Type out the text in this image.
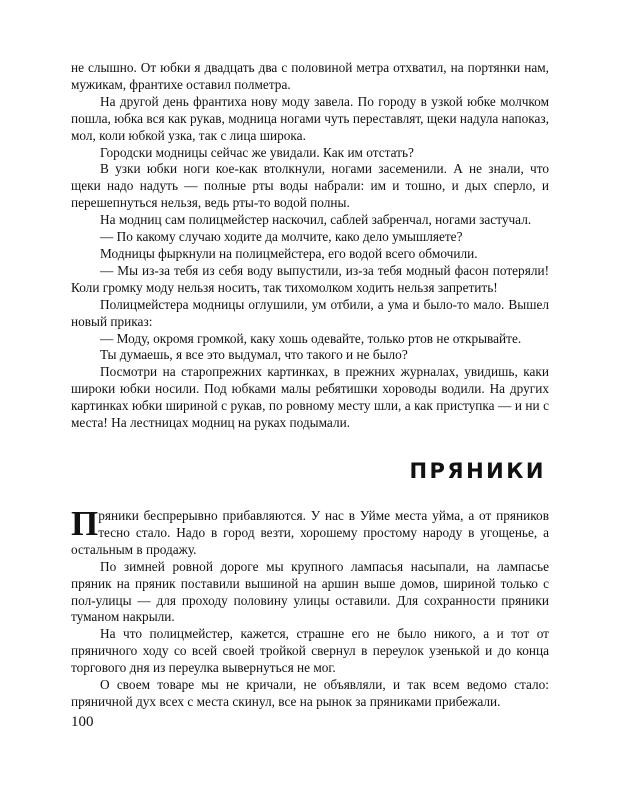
не слышно. От юбки я двадцать два с половиной метра отхватил, на портянки нам, мужикам, франтихе оставил полметра.

На другой день франтиха нову моду завела. По городу в узкой юбке молчком пошла, юбка вся как рукав, модница ногами чуть переставлят, щеки надула напоказ, мол, коли юбкой узка, так с лица широка.

Городски модницы сейчас же увидали. Как им отстать?

В узки юбки ноги кое-как втолкнули, ногами засеменили. А не знали, что щеки надо надуть — полные рты воды набрали: им и тошно, и дых сперло, и перешепнуться нельзя, ведь рты-то водой полны.

На модниц сам полицмейстер наскочил, саблей забренчал, ногами застучал.

— По какому случаю ходите да молчите, како дело умышляете?

Модницы фыркнули на полицмейстера, его водой всего обмочили.

— Мы из-за тебя из себя воду выпустили, из-за тебя модный фасон потеряли! Коли громку моду нельзя носить, так тихомолком ходить нельзя запретить!

Полицмейстера модницы оглушили, ум отбили, а ума и было-то мало. Вышел новый приказ:

— Моду, окромя громкой, каку хошь одевайте, только ртов не открывайте.

Ты думаешь, я все это выдумал, что такого и не было?

Посмотри на старопрежних картинках, в прежних журналах, увидишь, каки широки юбки носили. Под юбками малы ребятишки хороводы водили. На других картинках юбки шириной с рукав, по ровному месту шли, а как приступка — и ни с места! На лестницах модниц на руках подымали.

ПРЯНИКИ

Пряники беспрерывно прибавляются. У нас в Уйме места уйма, а от пряников тесно стало. Надо в город везти, хорошему простому народу в угощенье, а остальным в продажу.

По зимней ровной дороге мы крупного лампасья насыпали, на лампасье пряник на пряник поставили вышиной на аршин выше домов, шириной только с пол-улицы — для проходу половину улицы оставили. Для сохранности пряники туманом накрыли.

На что полицмейстер, кажется, страшне его не было никого, а и тот от пряничного ходу со всей своей тройкой свернул в переулок узенькой и до конца торгового дня из переулка вывернуться не мог.

О своем товаре мы не кричали, не объявляли, и так всем ведомо стало: пряничной дух всех с места скинул, все на рынок за пряниками прибежали.

100
